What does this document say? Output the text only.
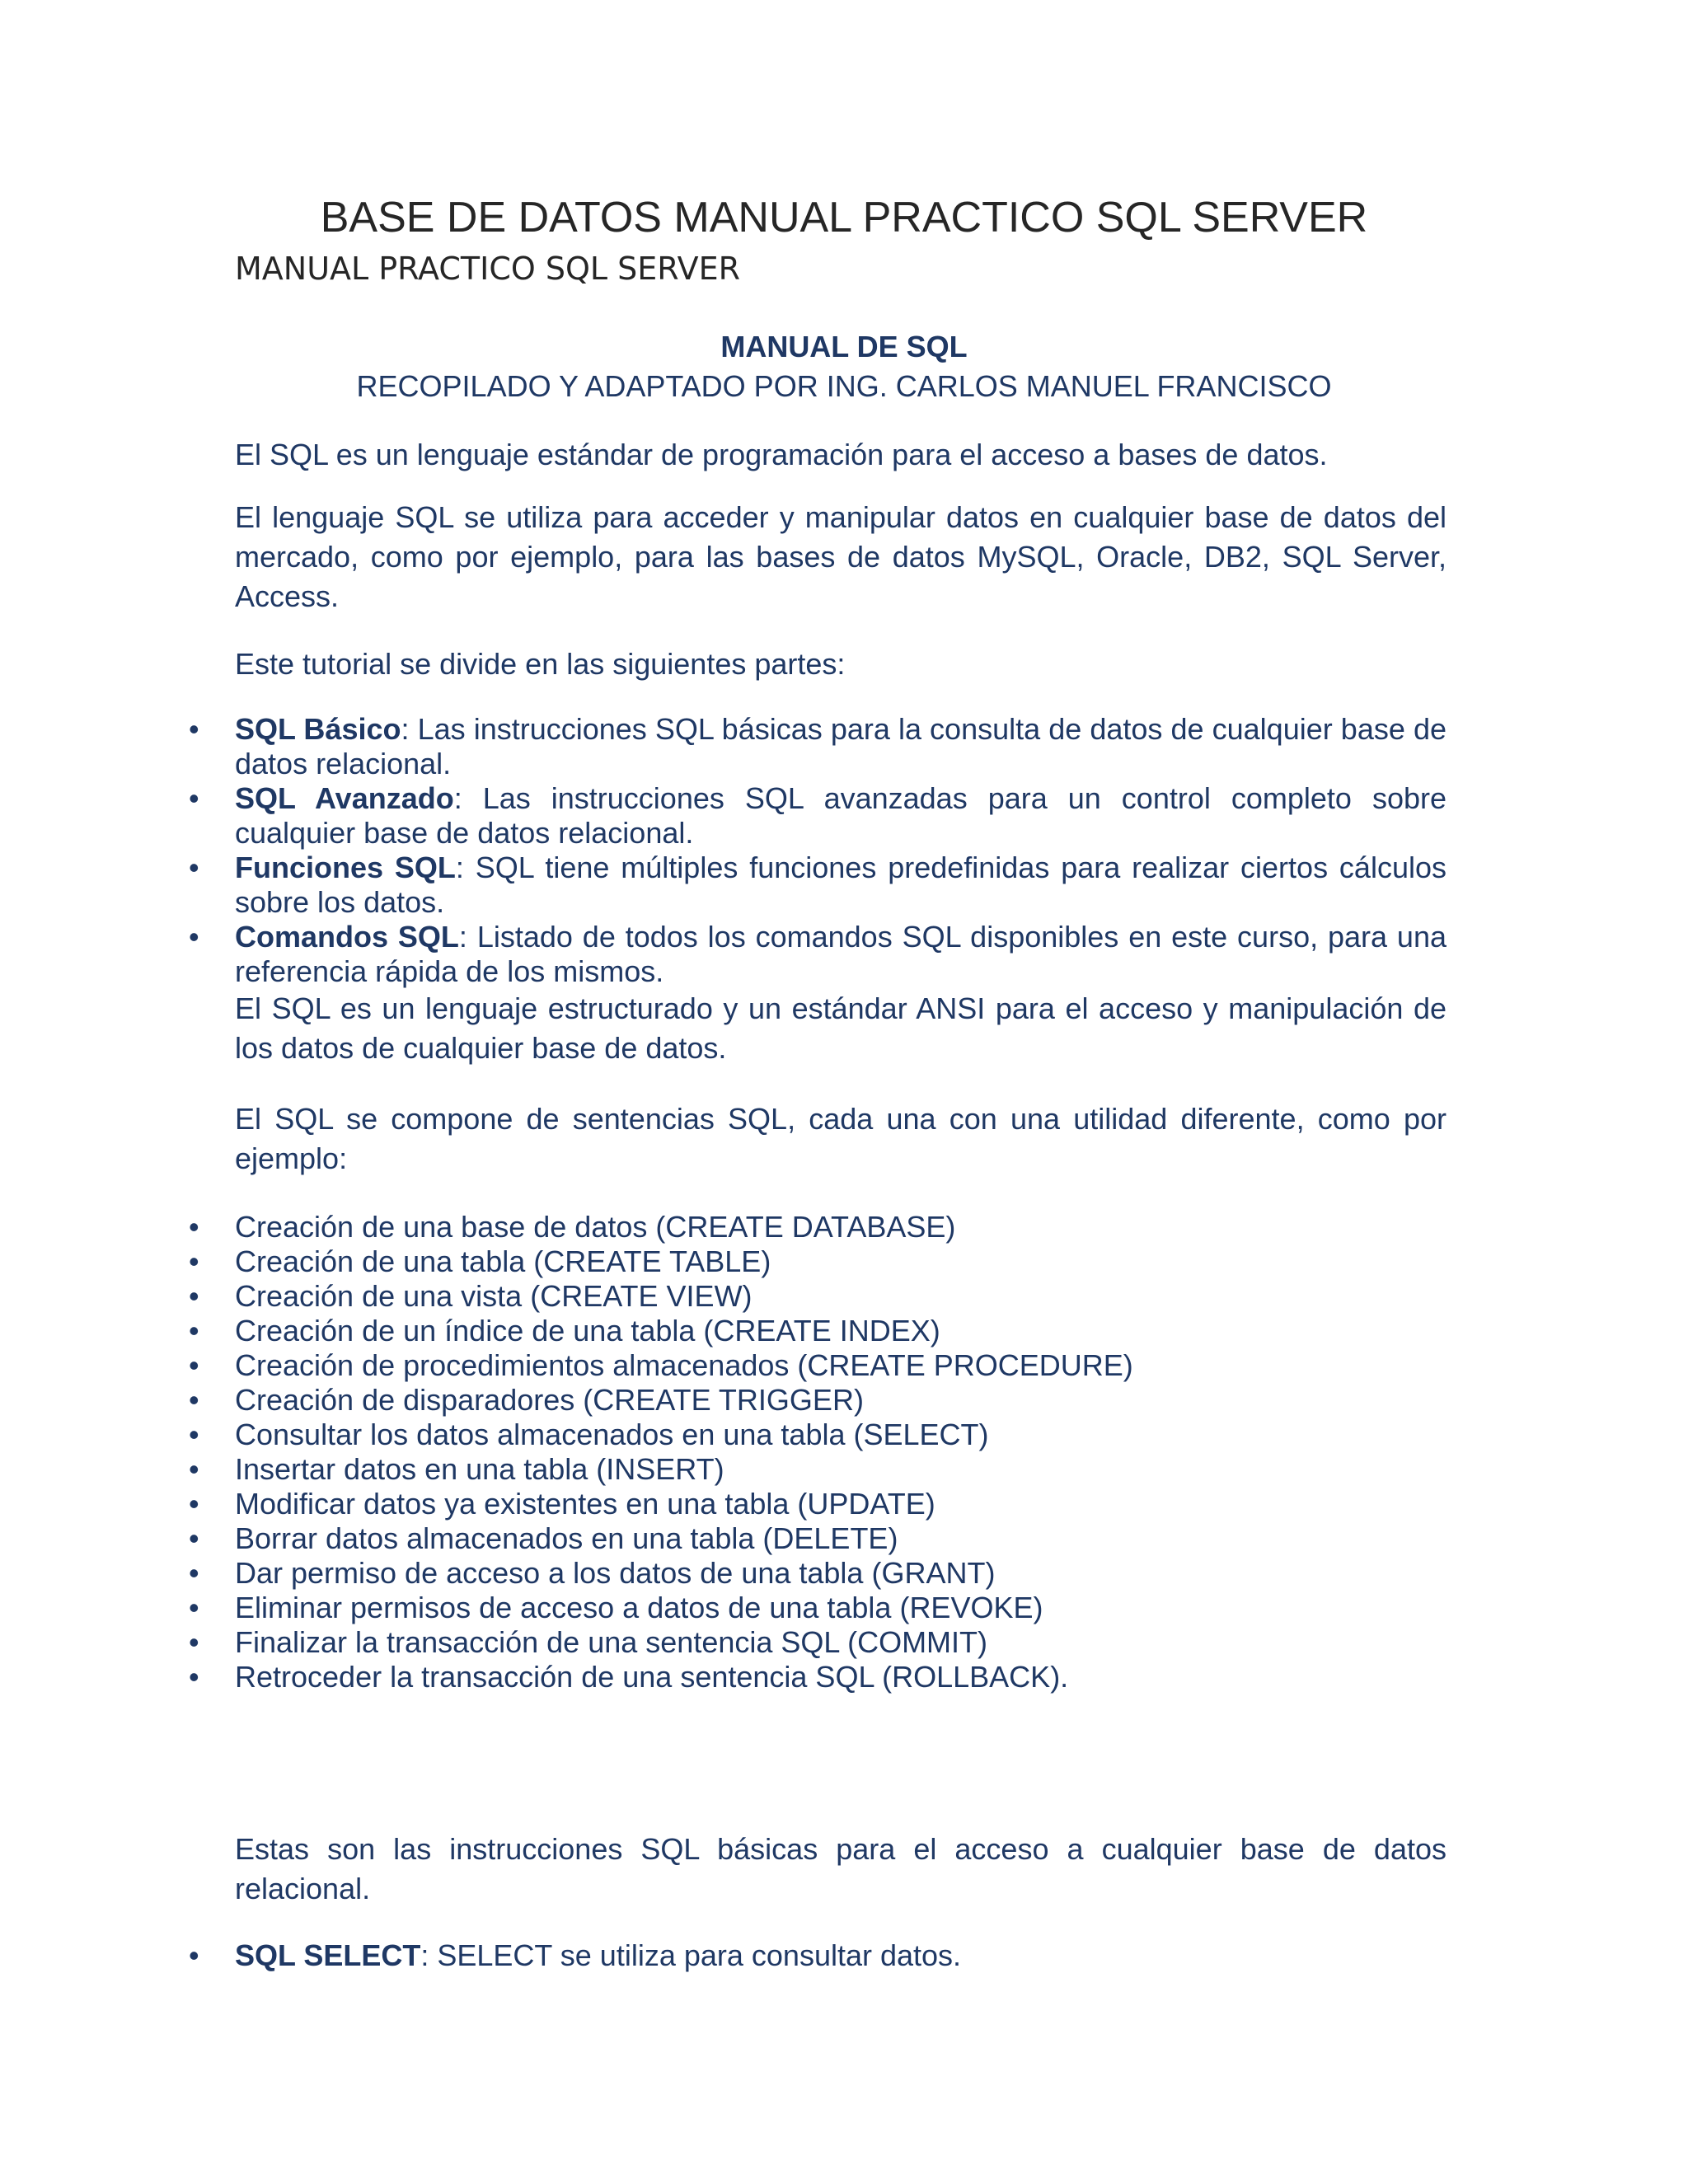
BASE DE DATOS MANUAL PRACTICO SQL SERVER
MANUAL PRACTICO SQL SERVER
MANUAL DE SQL

RECOPILADO Y ADAPTADO POR ING. CARLOS MANUEL FRANCISCO

El SQL es un lenguaje estándar de programación para el acceso a bases de datos.

El lenguaje SQL se utiliza para acceder y manipular datos en cualquier base de datos del mercado, como por ejemplo, para las bases de datos MySQL, Oracle, DB2, SQL Server, Access.

Este tutorial se divide en las siguientes partes:

• SQL Básico: Las instrucciones SQL básicas para la consulta de datos de cualquier base de datos relacional.
• SQL Avanzado: Las instrucciones SQL avanzadas para un control completo sobre cualquier base de datos relacional.
• Funciones SQL: SQL tiene múltiples funciones predefinidas para realizar ciertos cálculos sobre los datos.
• Comandos SQL: Listado de todos los comandos SQL disponibles en este curso, para una referencia rápida de los mismos.
El SQL es un lenguaje estructurado y un estándar ANSI para el acceso y manipulación de los datos de cualquier base de datos.

El SQL se compone de sentencias SQL, cada una con una utilidad diferente, como por ejemplo:

• Creación de una base de datos (CREATE DATABASE)
• Creación de una tabla (CREATE TABLE)
• Creación de una vista (CREATE VIEW)
• Creación de un índice de una tabla (CREATE INDEX)
• Creación de procedimientos almacenados (CREATE PROCEDURE)
• Creación de disparadores (CREATE TRIGGER)
• Consultar los datos almacenados en una tabla (SELECT)
• Insertar datos en una tabla (INSERT)
• Modificar datos ya existentes en una tabla (UPDATE)
• Borrar datos almacenados en una tabla (DELETE)
• Dar permiso de acceso a los datos de una tabla (GRANT)
• Eliminar permisos de acceso a datos de una tabla (REVOKE)
• Finalizar la transacción de una sentencia SQL (COMMIT)
• Retroceder la transacción de una sentencia SQL (ROLLBACK).

Estas son las instrucciones SQL básicas para el acceso a cualquier base de datos relacional.

• SQL SELECT: SELECT se utiliza para consultar datos.
